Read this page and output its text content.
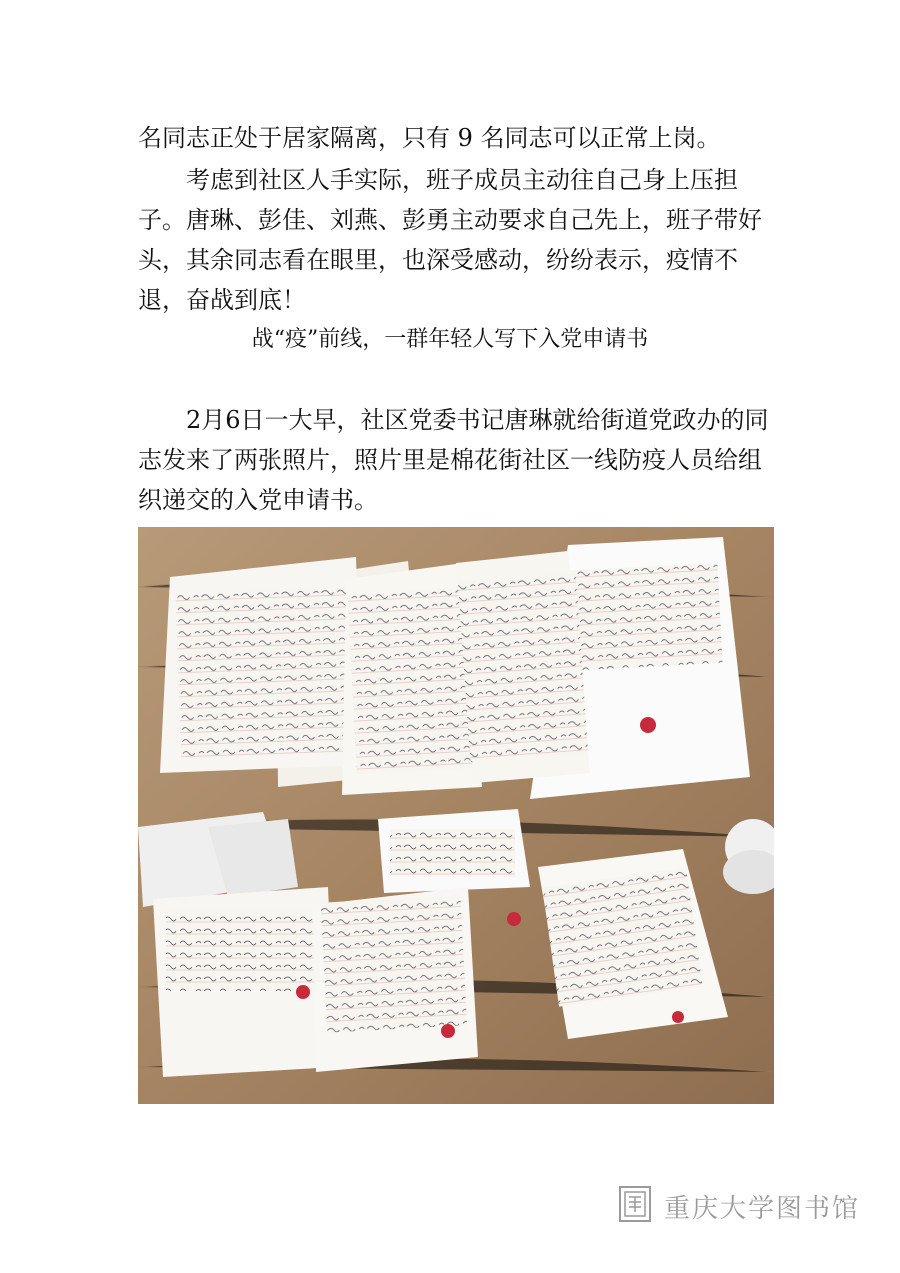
名同志正处于居家隔离，只有 9 名同志可以正常上岗。

　　考虑到社区人手实际，班子成员主动往自己身上压担子。唐琳、彭佳、刘燕、彭勇主动要求自己先上，班子带好头，其余同志看在眼里，也深受感动，纷纷表示，疫情不退，奋战到底！

战“疫”前线，一群年轻人写下入党申请书

　　2月6日一大早，社区党委书记唐琳就给街道党政办的同志发来了两张照片，照片里是棉花街社区一线防疫人员给组织递交的入党申请书。

重庆大学图书馆
